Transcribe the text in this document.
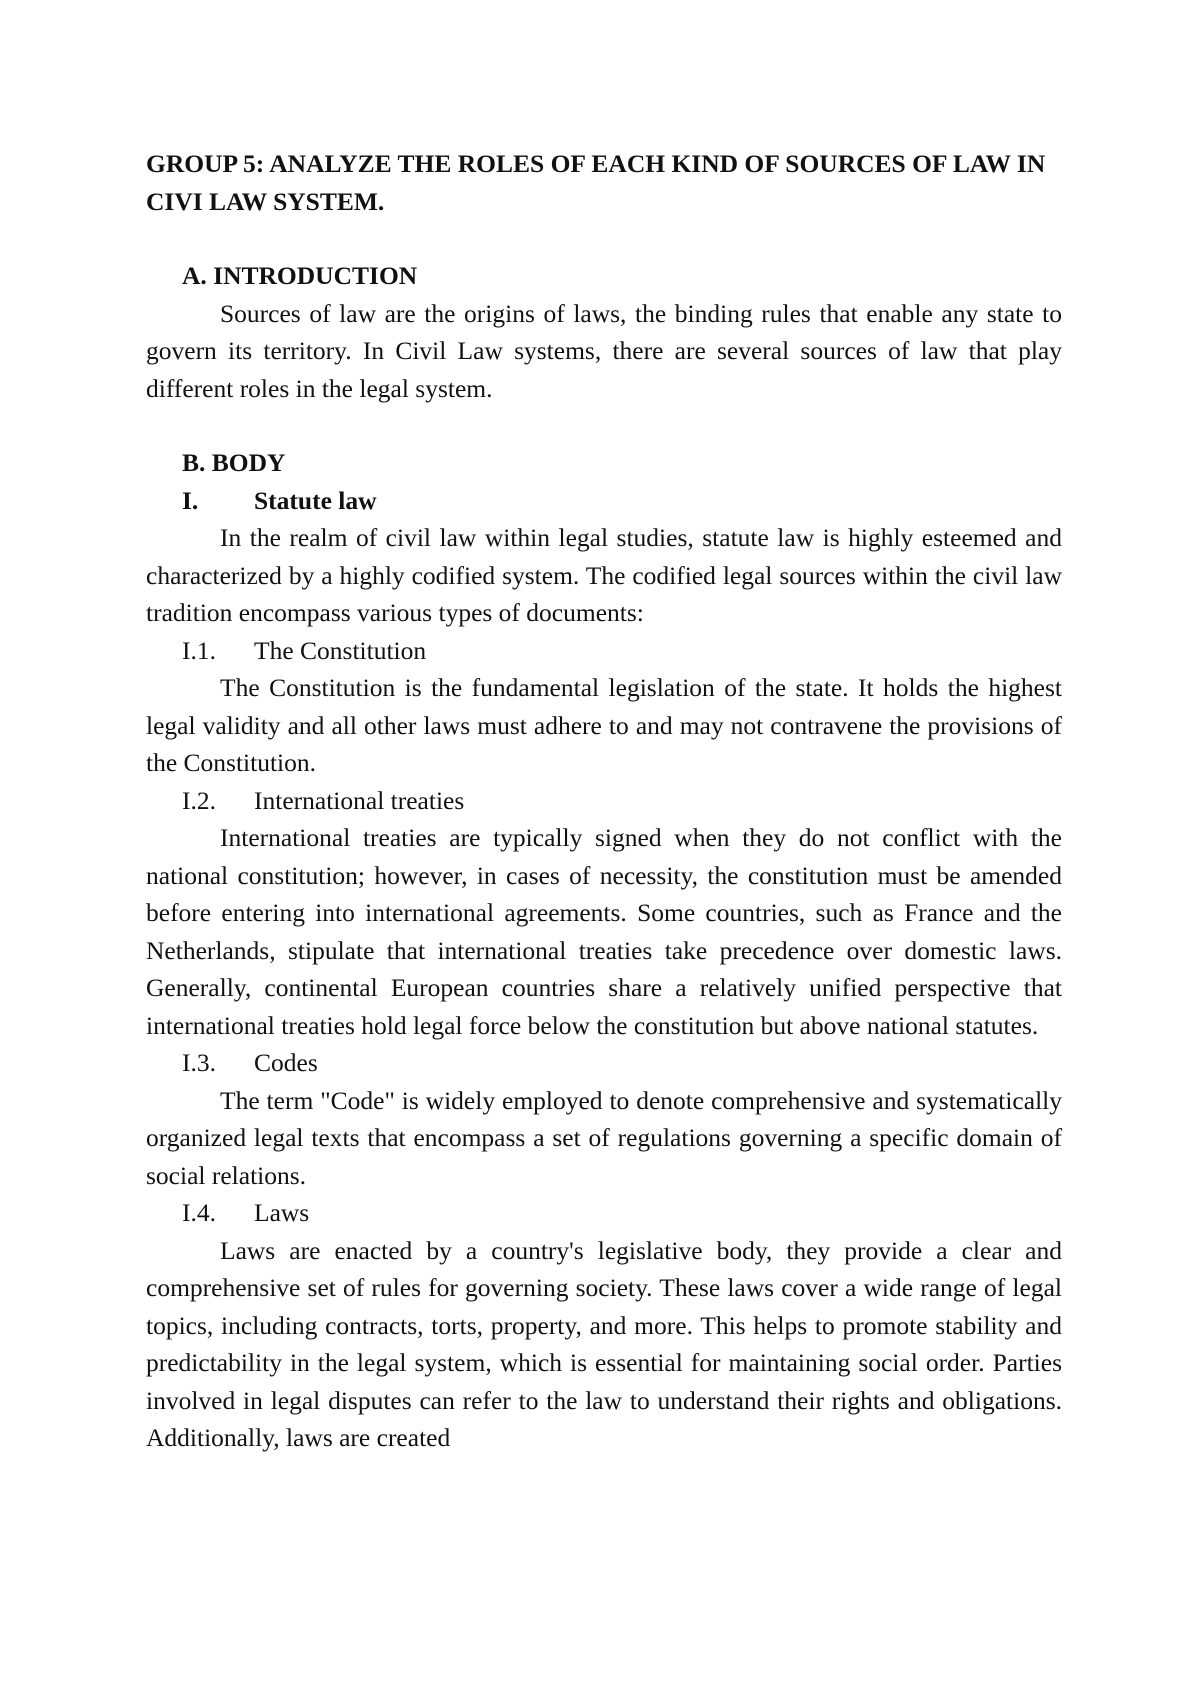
GROUP 5: ANALYZE THE ROLES OF EACH KIND OF SOURCES OF LAW IN CIVI LAW SYSTEM.

A. INTRODUCTION

Sources of law are the origins of laws, the binding rules that enable any state to govern its territory. In Civil Law systems, there are several sources of law that play different roles in the legal system.

B. BODY

I.	Statute law

In the realm of civil law within legal studies, statute law is highly esteemed and characterized by a highly codified system. The codified legal sources within the civil law tradition encompass various types of documents:

I.1.	The Constitution

The Constitution is the fundamental legislation of the state. It holds the highest legal validity and all other laws must adhere to and may not contravene the provisions of the Constitution.

I.2.	International treaties

International treaties are typically signed when they do not conflict with the national constitution; however, in cases of necessity, the constitution must be amended before entering into international agreements. Some countries, such as France and the Netherlands, stipulate that international treaties take precedence over domestic laws. Generally, continental European countries share a relatively unified perspective that international treaties hold legal force below the constitution but above national statutes.

I.3.	Codes

The term "Code" is widely employed to denote comprehensive and systematically organized legal texts that encompass a set of regulations governing a specific domain of social relations.

I.4.	Laws

Laws are enacted by a country's legislative body, they provide a clear and comprehensive set of rules for governing society. These laws cover a wide range of legal topics, including contracts, torts, property, and more. This helps to promote stability and predictability in the legal system, which is essential for maintaining social order. Parties involved in legal disputes can refer to the law to understand their rights and obligations. Additionally, laws are created
